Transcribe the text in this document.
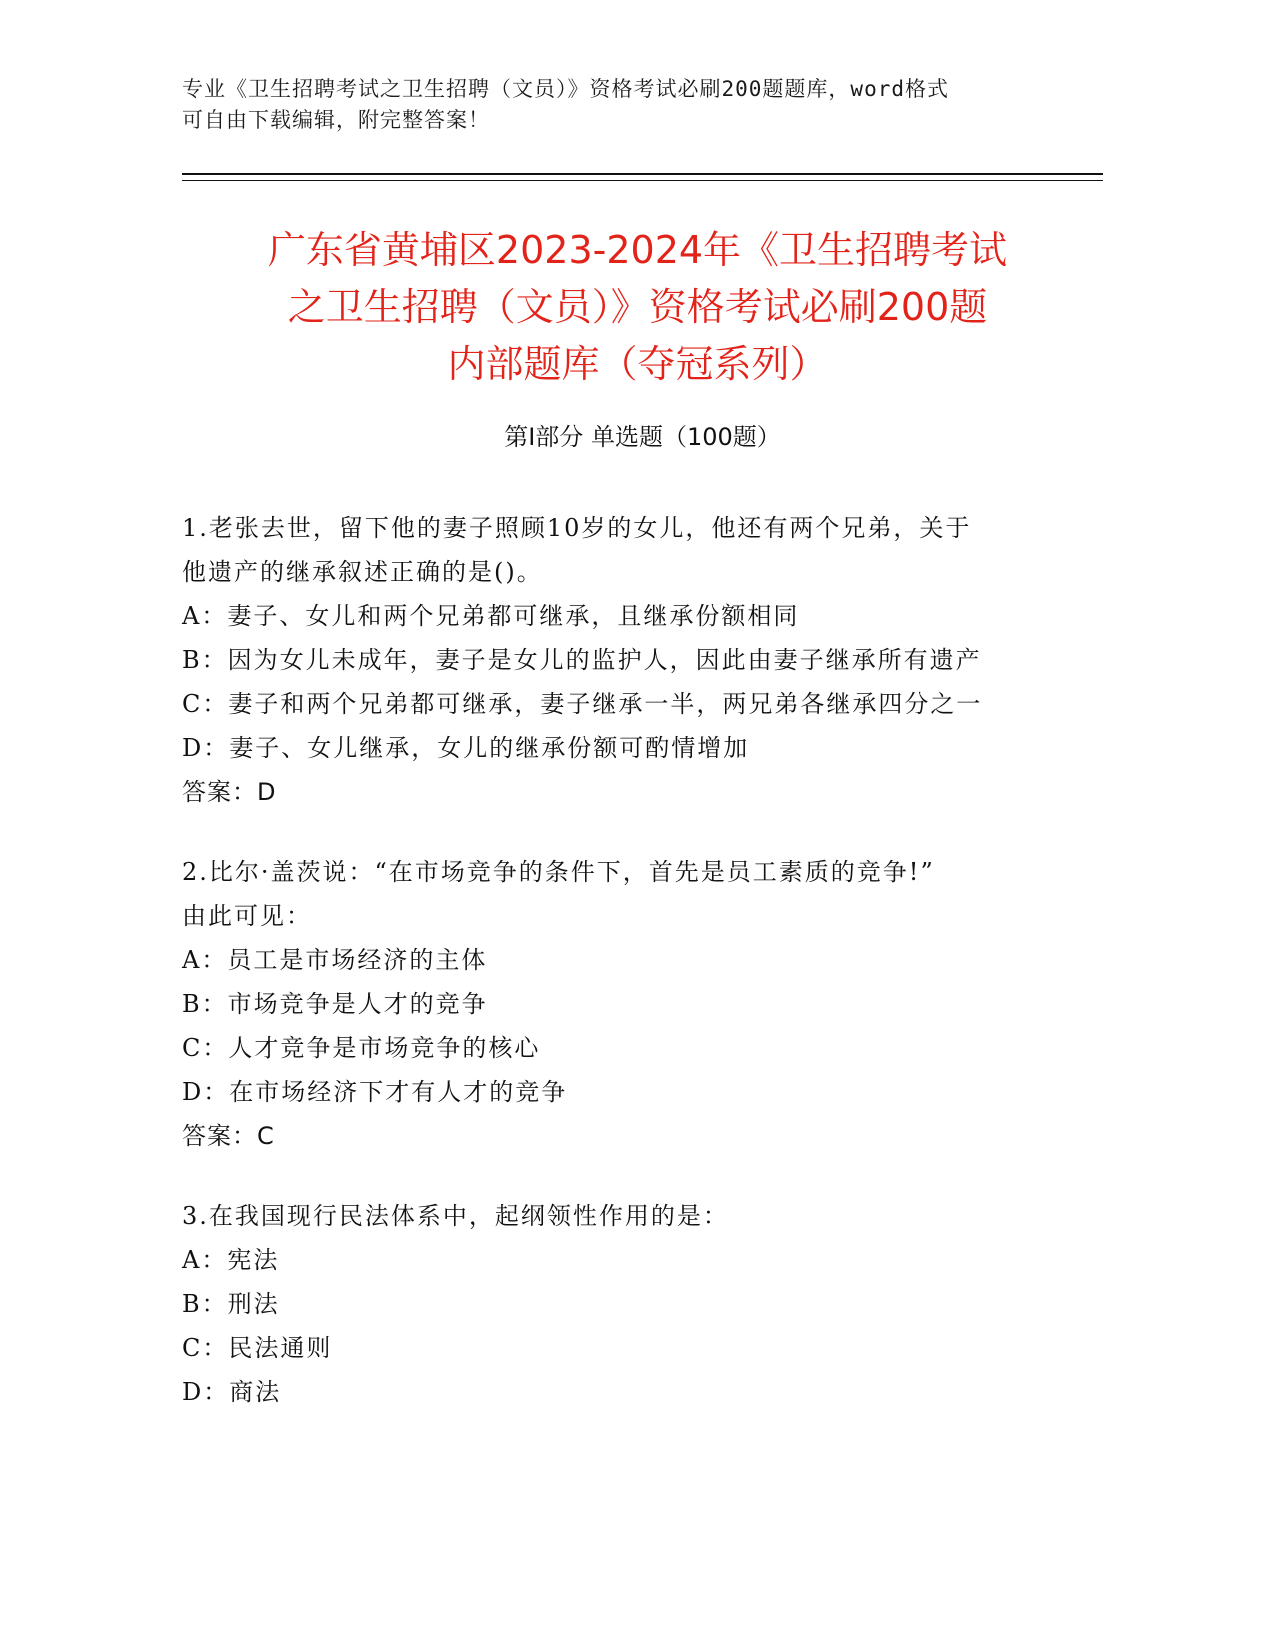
专业《卫生招聘考试之卫生招聘（文员）》资格考试必刷200题题库，word格式
可自由下载编辑，附完整答案！
广东省黄埔区2023-2024年《卫生招聘考试
之卫生招聘（文员）》资格考试必刷200题
内部题库（夺冠系列）
第Ⅰ部分 单选题（100题）
1.老张去世，留下他的妻子照顾10岁的女儿，他还有两个兄弟，关于
他遗产的继承叙述正确的是()。
A：妻子、女儿和两个兄弟都可继承，且继承份额相同
B：因为女儿未成年，妻子是女儿的监护人，因此由妻子继承所有遗产
C：妻子和两个兄弟都可继承，妻子继承一半，两兄弟各继承四分之一
D：妻子、女儿继承，女儿的继承份额可酌情增加
答案：D
2.比尔·盖茨说：“在市场竞争的条件下，首先是员工素质的竞争!”
由此可见：
A：员工是市场经济的主体
B：市场竞争是人才的竞争
C：人才竞争是市场竞争的核心
D：在市场经济下才有人才的竞争
答案：C
3.在我国现行民法体系中，起纲领性作用的是：
A：宪法
B：刑法
C：民法通则
D：商法
